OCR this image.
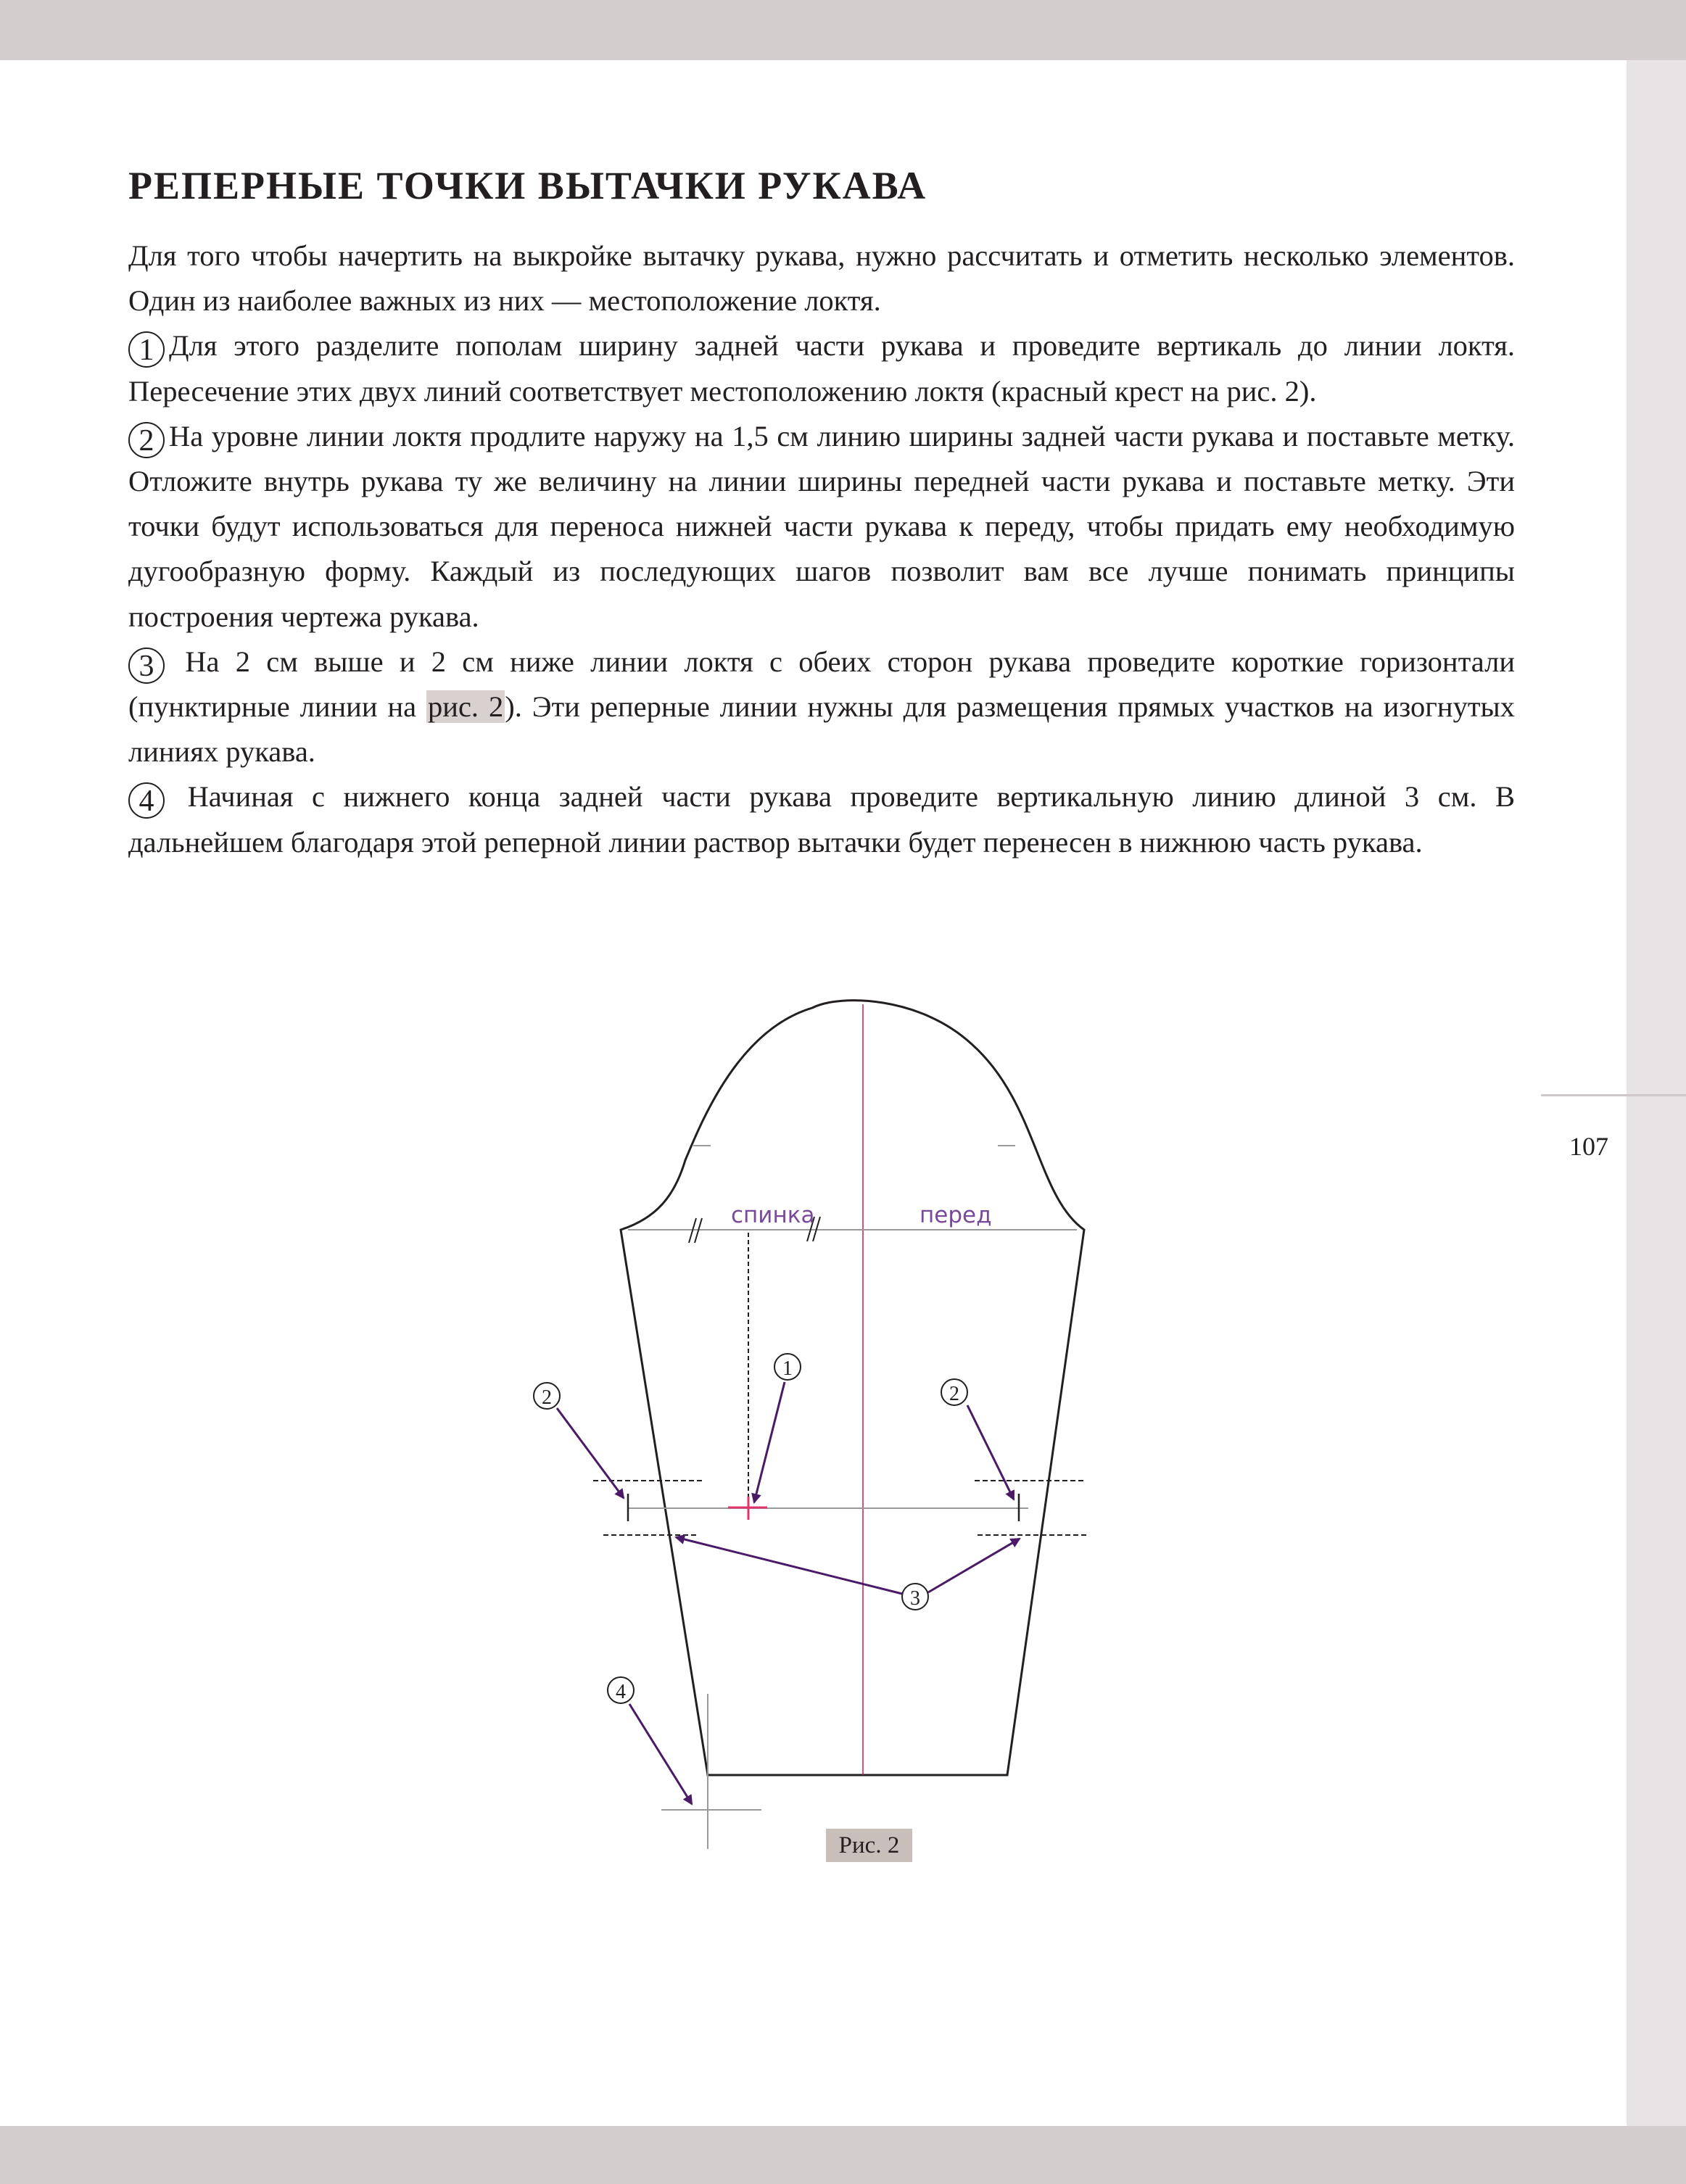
107
РЕПЕРНЫЕ ТОЧКИ ВЫТАЧКИ РУКАВА

Для того чтобы начертить на выкройке вытачку рукава, нужно рассчитать и отметить несколько элементов. Один из наиболее важных из них — местоположение локтя.

1 Для этого разделите пополам ширину задней части рукава и проведите вертикаль до линии локтя. Пересечение этих двух линий соответствует местоположению локтя (красный крест на рис. 2).

2 На уровне линии локтя продлите наружу на 1,5 см линию ширины задней части рукава и поставьте метку. Отложите внутрь рукава ту же величину на линии ширины передней части рукава и поставьте метку. Эти точки будут использоваться для переноса нижней части рукава к переду, чтобы придать ему необходимую дугообразную форму. Каждый из последующих шагов позволит вам все лучше понимать принципы построения чертежа рукава.

3 На 2 см выше и 2 см ниже линии локтя с обеих сторон рукава проведите короткие горизонтали (пунктирные линии на рис. 2). Эти реперные линии нужны для размещения прямых участков на изогнутых линиях рукава.

4 Начиная с нижнего конца задней части рукава проведите вертикальную линию длиной 3 см. В дальнейшем благодаря этой реперной линии раствор вытачки будет перенесен в нижнюю часть рукава.

спинка	перед
1
2	2
3
4
Рис. 2
